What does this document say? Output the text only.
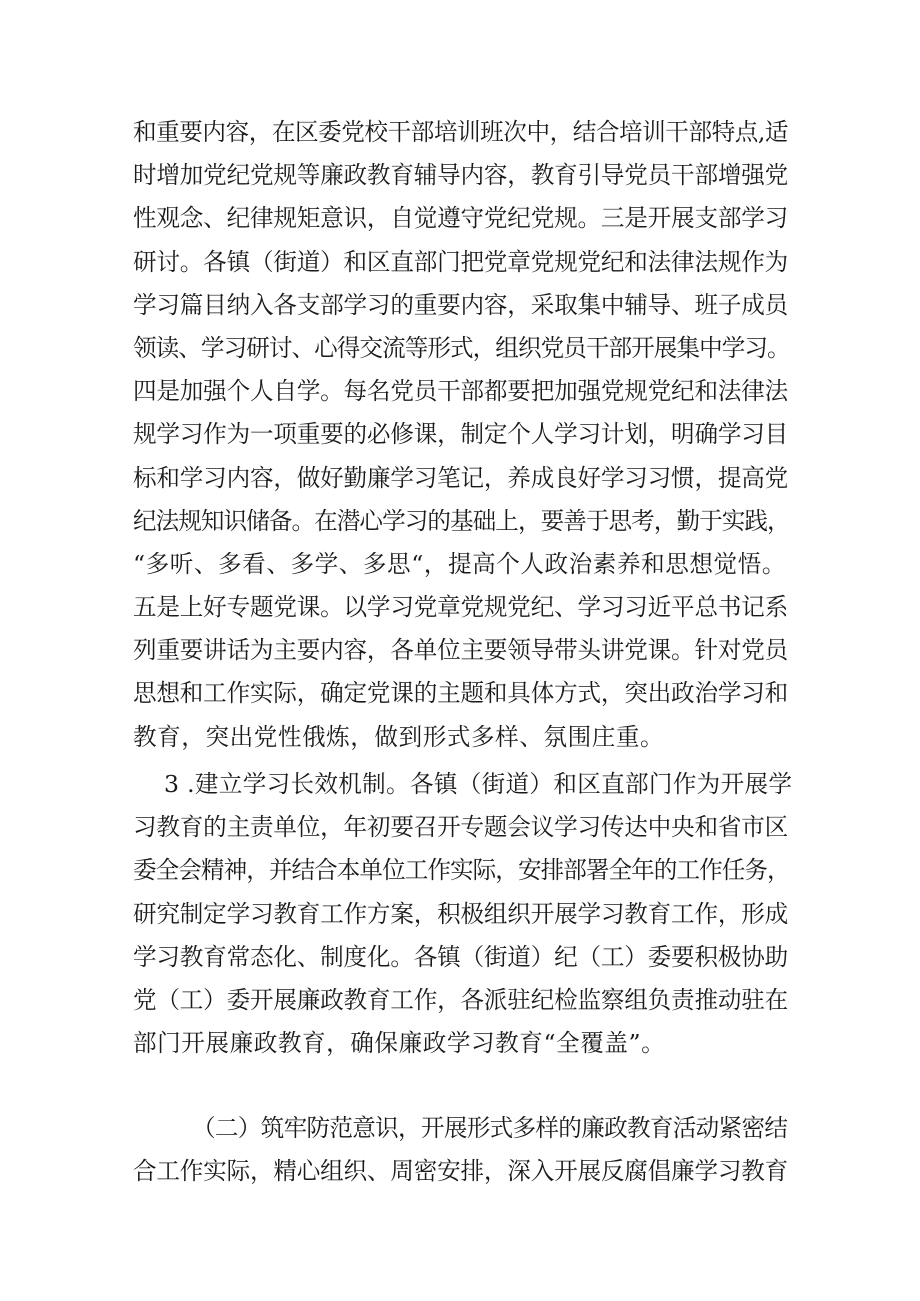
和重要内容，在区委党校干部培训班次中，结合培训干部特点,适
时增加党纪党规等廉政教育辅导内容，教育引导党员干部增强党
性观念、纪律规矩意识，自觉遵守党纪党规。三是开展支部学习
研讨。各镇（街道）和区直部门把党章党规党纪和法律法规作为
学习篇目纳入各支部学习的重要内容，采取集中辅导、班子成员
领读、学习研讨、心得交流等形式，组织党员干部开展集中学习。
四是加强个人自学。每名党员干部都要把加强党规党纪和法律法
规学习作为一项重要的必修课，制定个人学习计划，明确学习目
标和学习内容，做好勤廉学习笔记，养成良好学习习惯，提高党
纪法规知识储备。在潜心学习的基础上，要善于思考，勤于实践，
“多听、多看、多学、多思“，提高个人政治素养和思想觉悟。
五是上好专题党课。以学习党章党规党纪、学习习近平总书记系
列重要讲话为主要内容，各单位主要领导带头讲党课。针对党员
思想和工作实际，确定党课的主题和具体方式，突出政治学习和
教育，突出党性俄炼，做到形式多样、氛围庄重。
3 .建立学习长效机制。各镇（街道）和区直部门作为开展学
习教育的主责单位，年初要召开专题会议学习传达中央和省市区
委全会精神，并结合本单位工作实际，安排部署全年的工作任务，
研究制定学习教育工作方案，积极组织开展学习教育工作，形成
学习教育常态化、制度化。各镇（街道）纪（工）委要积极协助
党（工）委开展廉政教育工作，各派驻纪检监察组负责推动驻在
部门开展廉政教育，确保廉政学习教育“全覆盖”。
（二）筑牢防范意识，开展形式多样的廉政教育活动紧密结
合工作实际，精心组织、周密安排，深入开展反腐倡廉学习教育
